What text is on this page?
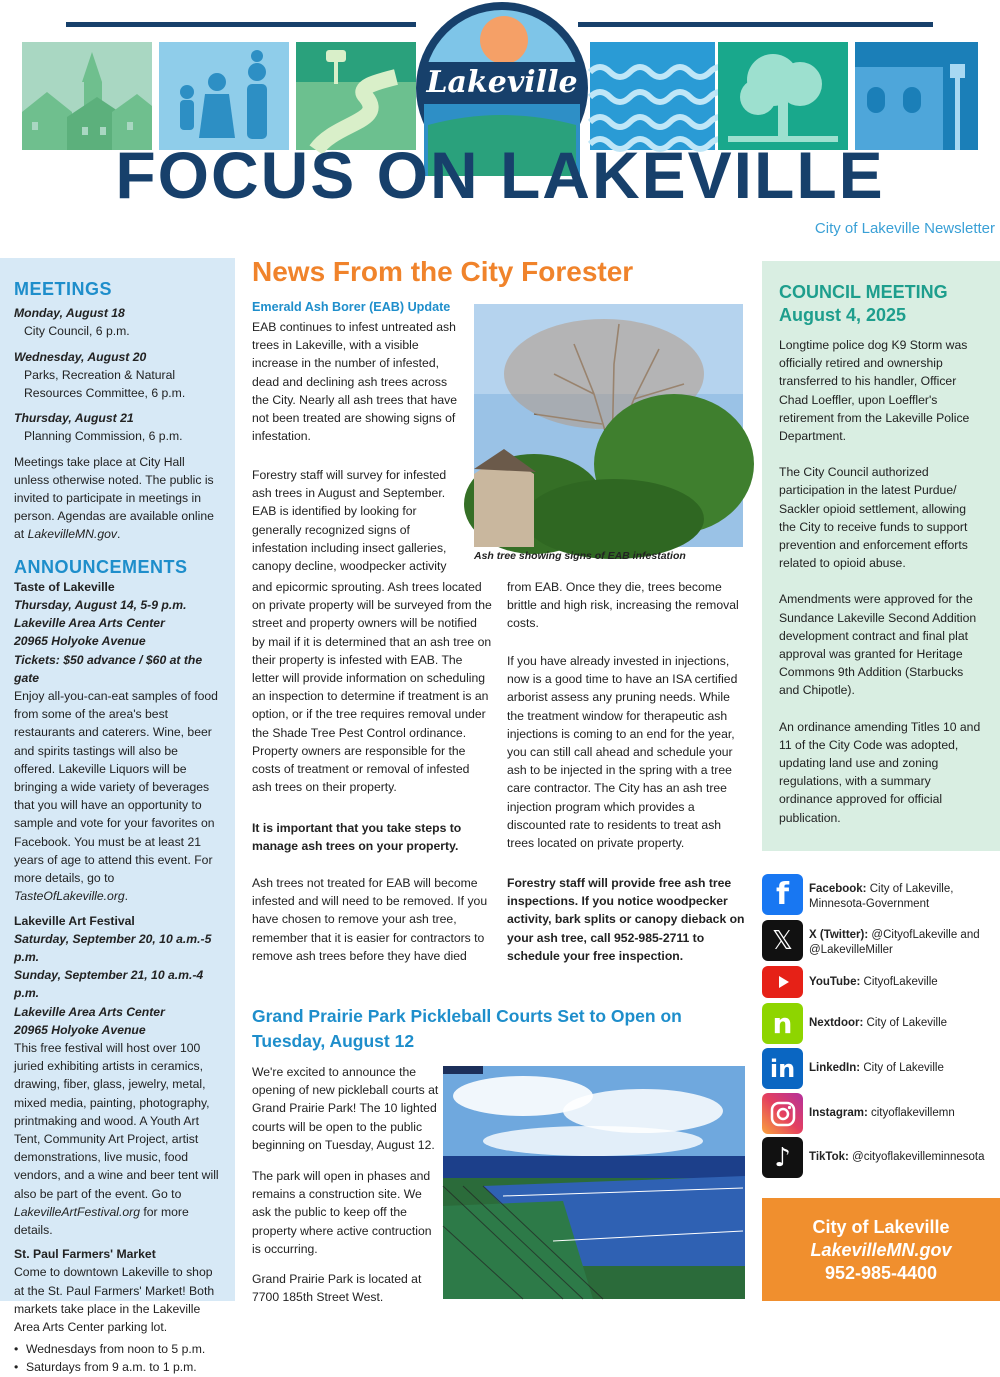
Lakeville
FOCUS ON LAKEVILLE
City of Lakeville Newsletter
MEETINGS
Monday, August 18
City Council, 6 p.m.
Wednesday, August 20
Parks, Recreation & Natural Resources Committee, 6 p.m.
Thursday, August 21
Planning Commission, 6 p.m.
Meetings take place at City Hall unless otherwise noted. The public is invited to participate in meetings in person. Agendas are available online at LakevilleMN.gov.
ANNOUNCEMENTS
Taste of Lakeville
Thursday, August 14, 5-9 p.m.
Lakeville Area Arts Center
20965 Holyoke Avenue
Tickets: $50 advance / $60 at the gate
Enjoy all-you-can-eat samples of food from some of the area's best restaurants and caterers. Wine, beer and spirits tastings will also be offered. Lakeville Liquors will be bringing a wide variety of beverages that you will have an opportunity to sample and vote for your favorites on Facebook. You must be at least 21 years of age to attend this event. For more details, go to TasteOfLakeville.org.
Lakeville Art Festival
Saturday, September 20, 10 a.m.-5 p.m.
Sunday, September 21, 10 a.m.-4 p.m.
Lakeville Area Arts Center
20965 Holyoke Avenue
This free festival will host over 100 juried exhibiting artists in ceramics, drawing, fiber, glass, jewelry, metal, mixed media, painting, photography, printmaking and wood. A Youth Art Tent, Community Art Project, artist demonstrations, live music, food vendors, and a wine and beer tent will also be part of the event. Go to LakevilleArtFestival.org for more details.
St. Paul Farmers' Market
Come to downtown Lakeville to shop at the St. Paul Farmers' Market! Both markets take place in the Lakeville Area Arts Center parking lot.
• Wednesdays from noon to 5 p.m.
• Saturdays from 9 a.m. to 1 p.m.
News From the City Forester
Emerald Ash Borer (EAB) Update
EAB continues to infest untreated ash trees in Lakeville, with a visible increase in the number of infested, dead and declining ash trees across the City. Nearly all ash trees that have not been treated are showing signs of infestation.
Forestry staff will survey for infested ash trees in August and September. EAB is identified by looking for generally recognized signs of infestation including insect galleries, canopy decline, woodpecker activity
and epicormic sprouting. Ash trees located on private property will be surveyed from the street and property owners will be notified by mail if it is determined that an ash tree on their property is infested with EAB. The letter will provide information on scheduling an inspection to determine if treatment is an option, or if the tree requires removal under the Shade Tree Pest Control ordinance. Property owners are responsible for the costs of treatment or removal of infested ash trees on their property.
It is important that you take steps to manage ash trees on your property.
Ash trees not treated for EAB will become infested and will need to be removed. If you have chosen to remove your ash tree, remember that it is easier for contractors to remove ash trees before they have died
from EAB. Once they die, trees become brittle and high risk, increasing the removal costs.
If you have already invested in injections, now is a good time to have an ISA certified arborist assess any pruning needs. While the treatment window for therapeutic ash injections is coming to an end for the year, you can still call ahead and schedule your ash to be injected in the spring with a tree care contractor. The City has an ash tree injection program which provides a discounted rate to residents to treat ash trees located on private property.
Forestry staff will provide free ash tree inspections. If you notice woodpecker activity, bark splits or canopy dieback on your ash tree, call 952-985-2711 to schedule your free inspection.
Ash tree showing signs of EAB infestation
Grand Prairie Park Pickleball Courts Set to Open on Tuesday, August 12
We're excited to announce the opening of new pickleball courts at Grand Prairie Park! The 10 lighted courts will be open to the public beginning on Tuesday, August 12.
The park will open in phases and remains a construction site. We ask the public to keep off the property where active contruction is occurring.
Grand Prairie Park is located at 7700 185th Street West.
COUNCIL MEETING
August 4, 2025
Longtime police dog K9 Storm was officially retired and ownership transferred to his handler, Officer Chad Loeffler, upon Loeffler's retirement from the Lakeville Police Department.
The City Council authorized participation in the latest Purdue/ Sackler opioid settlement, allowing the City to receive funds to support prevention and enforcement efforts related to opioid abuse.
Amendments were approved for the Sundance Lakeville Second Addition development contract and final plat approval was granted for Heritage Commons 9th Addition (Starbucks and Chipotle).
An ordinance amending Titles 10 and 11 of the City Code was adopted, updating land use and zoning regulations, with a summary ordinance approved for official publication.
f Facebook: City of Lakeville, Minnesota-Government
𝕏 X (Twitter): @CityofLakeville and @LakevilleMiller
YouTube: CityofLakeville
n Nextdoor: City of Lakeville
in LinkedIn: City of Lakeville
Instagram: cityoflakevillemn
♪ TikTok: @cityoflakevilleminnesota
City of Lakeville
LakevilleMN.gov
952-985-4400
